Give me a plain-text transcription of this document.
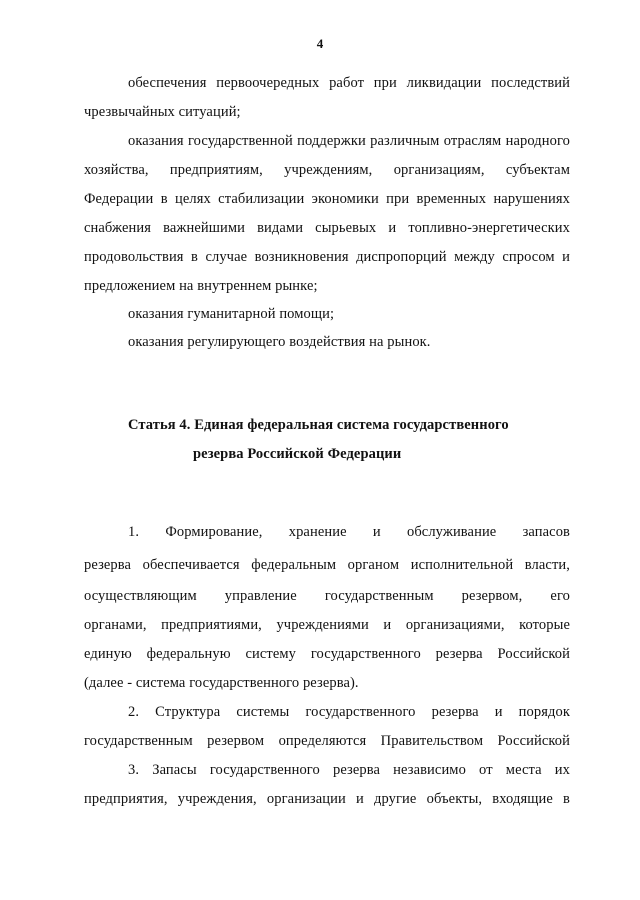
4
обеспечения первоочередных работ при ликвидации последствий
чрезвычайных ситуаций;
оказания государственной поддержки различным отраслям народного
хозяйства, предприятиям, учреждениям, организациям, субъектам
Федерации в целях стабилизации экономики при временных нарушениях
снабжения важнейшими видами сырьевых и топливно-энергетических
продовольствия в случае возникновения диспропорций между спросом и
предложением на внутреннем рынке;
оказания гуманитарной помощи;
оказания регулирующего воздействия на рынок.
Статья 4. Единая федеральная система государственного
резерва Российской Федерации
1. Формирование, хранение и обслуживание запасов
резерва обеспечивается федеральным органом исполнительной власти,
осуществляющим управление государственным резервом, его
органами, предприятиями, учреждениями и организациями, которые
единую федеральную систему государственного резерва Российской
(далее - система государственного резерва).
2. Структура системы государственного резерва и порядок
государственным резервом определяются Правительством Российской
3. Запасы государственного резерва независимо от места их
предприятия, учреждения, организации и другие объекты, входящие в
